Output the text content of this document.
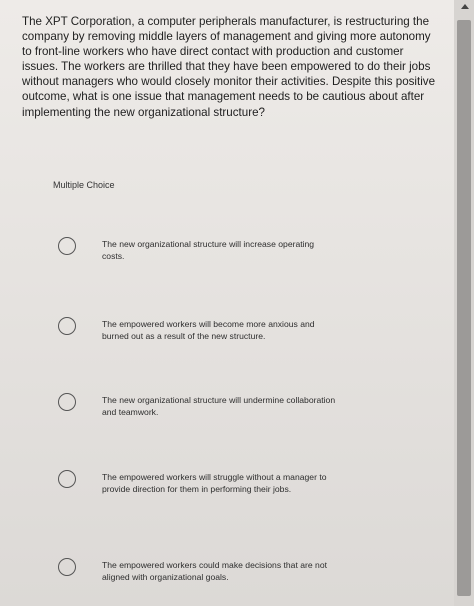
The XPT Corporation, a computer peripherals manufacturer, is restructuring the company by removing middle layers of management and giving more autonomy to front-line workers who have direct contact with production and customer issues. The workers are thrilled that they have been empowered to do their jobs without managers who would closely monitor their activities. Despite this positive outcome, what is one issue that management needs to be cautious about after implementing the new organizational structure?

Multiple Choice
The new organizational structure will increase operating costs.
The empowered workers will become more anxious and burned out as a result of the new structure.
The new organizational structure will undermine collaboration and teamwork.
The empowered workers will struggle without a manager to provide direction for them in performing their jobs.
The empowered workers could make decisions that are not aligned with organizational goals.
